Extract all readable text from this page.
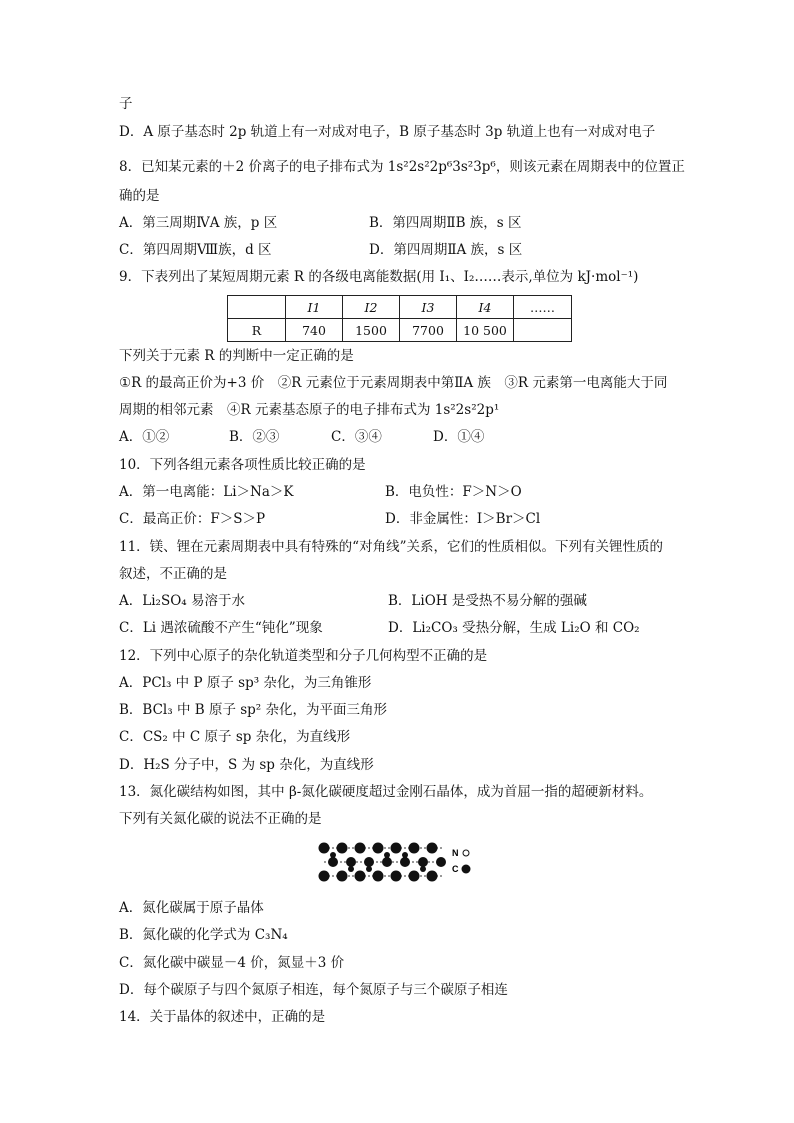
子
D．A 原子基态时 2p 轨道上有一对成对电子，B 原子基态时 3p 轨道上也有一对成对电子
8．已知某元素的＋2 价离子的电子排布式为 1s²2s²2p⁶3s²3p⁶，则该元素在周期表中的位置正
确的是
A．第三周期ⅣA 族，p 区	B．第四周期ⅡB 族，s 区
C．第四周期Ⅷ族，d 区	D．第四周期ⅡA 族，s 区
9．下表列出了某短周期元素 R 的各级电离能数据(用 I₁、I₂……表示,单位为 kJ·mol⁻¹)
	I1	I2	I3	I4	……
R	740	1500	7700	10 500	
下列关于元素 R 的判断中一定正确的是
①R 的最高正价为+3 价　②R 元素位于元素周期表中第ⅡA 族　③R 元素第一电离能大于同
周期的相邻元素　④R 元素基态原子的电子排布式为 1s²2s²2p¹
A．①②	B．②③	C．③④	D．①④
10．下列各组元素各项性质比较正确的是
A．第一电离能：Li＞Na＞K	B．电负性：F＞N＞O
C．最高正价：F＞S＞P	D．非金属性：I＞Br＞Cl
11．镁、锂在元素周期表中具有特殊的“对角线”关系，它们的性质相似。下列有关锂性质的
叙述，不正确的是
A．Li₂SO₄ 易溶于水	B．LiOH 是受热不易分解的强碱
C．Li 遇浓硫酸不产生“钝化”现象	D．Li₂CO₃ 受热分解，生成 Li₂O 和 CO₂
12．下列中心原子的杂化轨道类型和分子几何构型不正确的是
A．PCl₃ 中 P 原子 sp³ 杂化，为三角锥形
B．BCl₃ 中 B 原子 sp² 杂化，为平面三角形
C．CS₂ 中 C 原子 sp 杂化，为直线形
D．H₂S 分子中，S 为 sp 杂化，为直线形
13．氮化碳结构如图，其中 β-氮化碳硬度超过金刚石晶体，成为首屈一指的超硬新材料。
下列有关氮化碳的说法不正确的是
N
C
A．氮化碳属于原子晶体
B．氮化碳的化学式为 C₃N₄
C．氮化碳中碳显－4 价，氮显＋3 价
D．每个碳原子与四个氮原子相连，每个氮原子与三个碳原子相连
14．关于晶体的叙述中，正确的是
